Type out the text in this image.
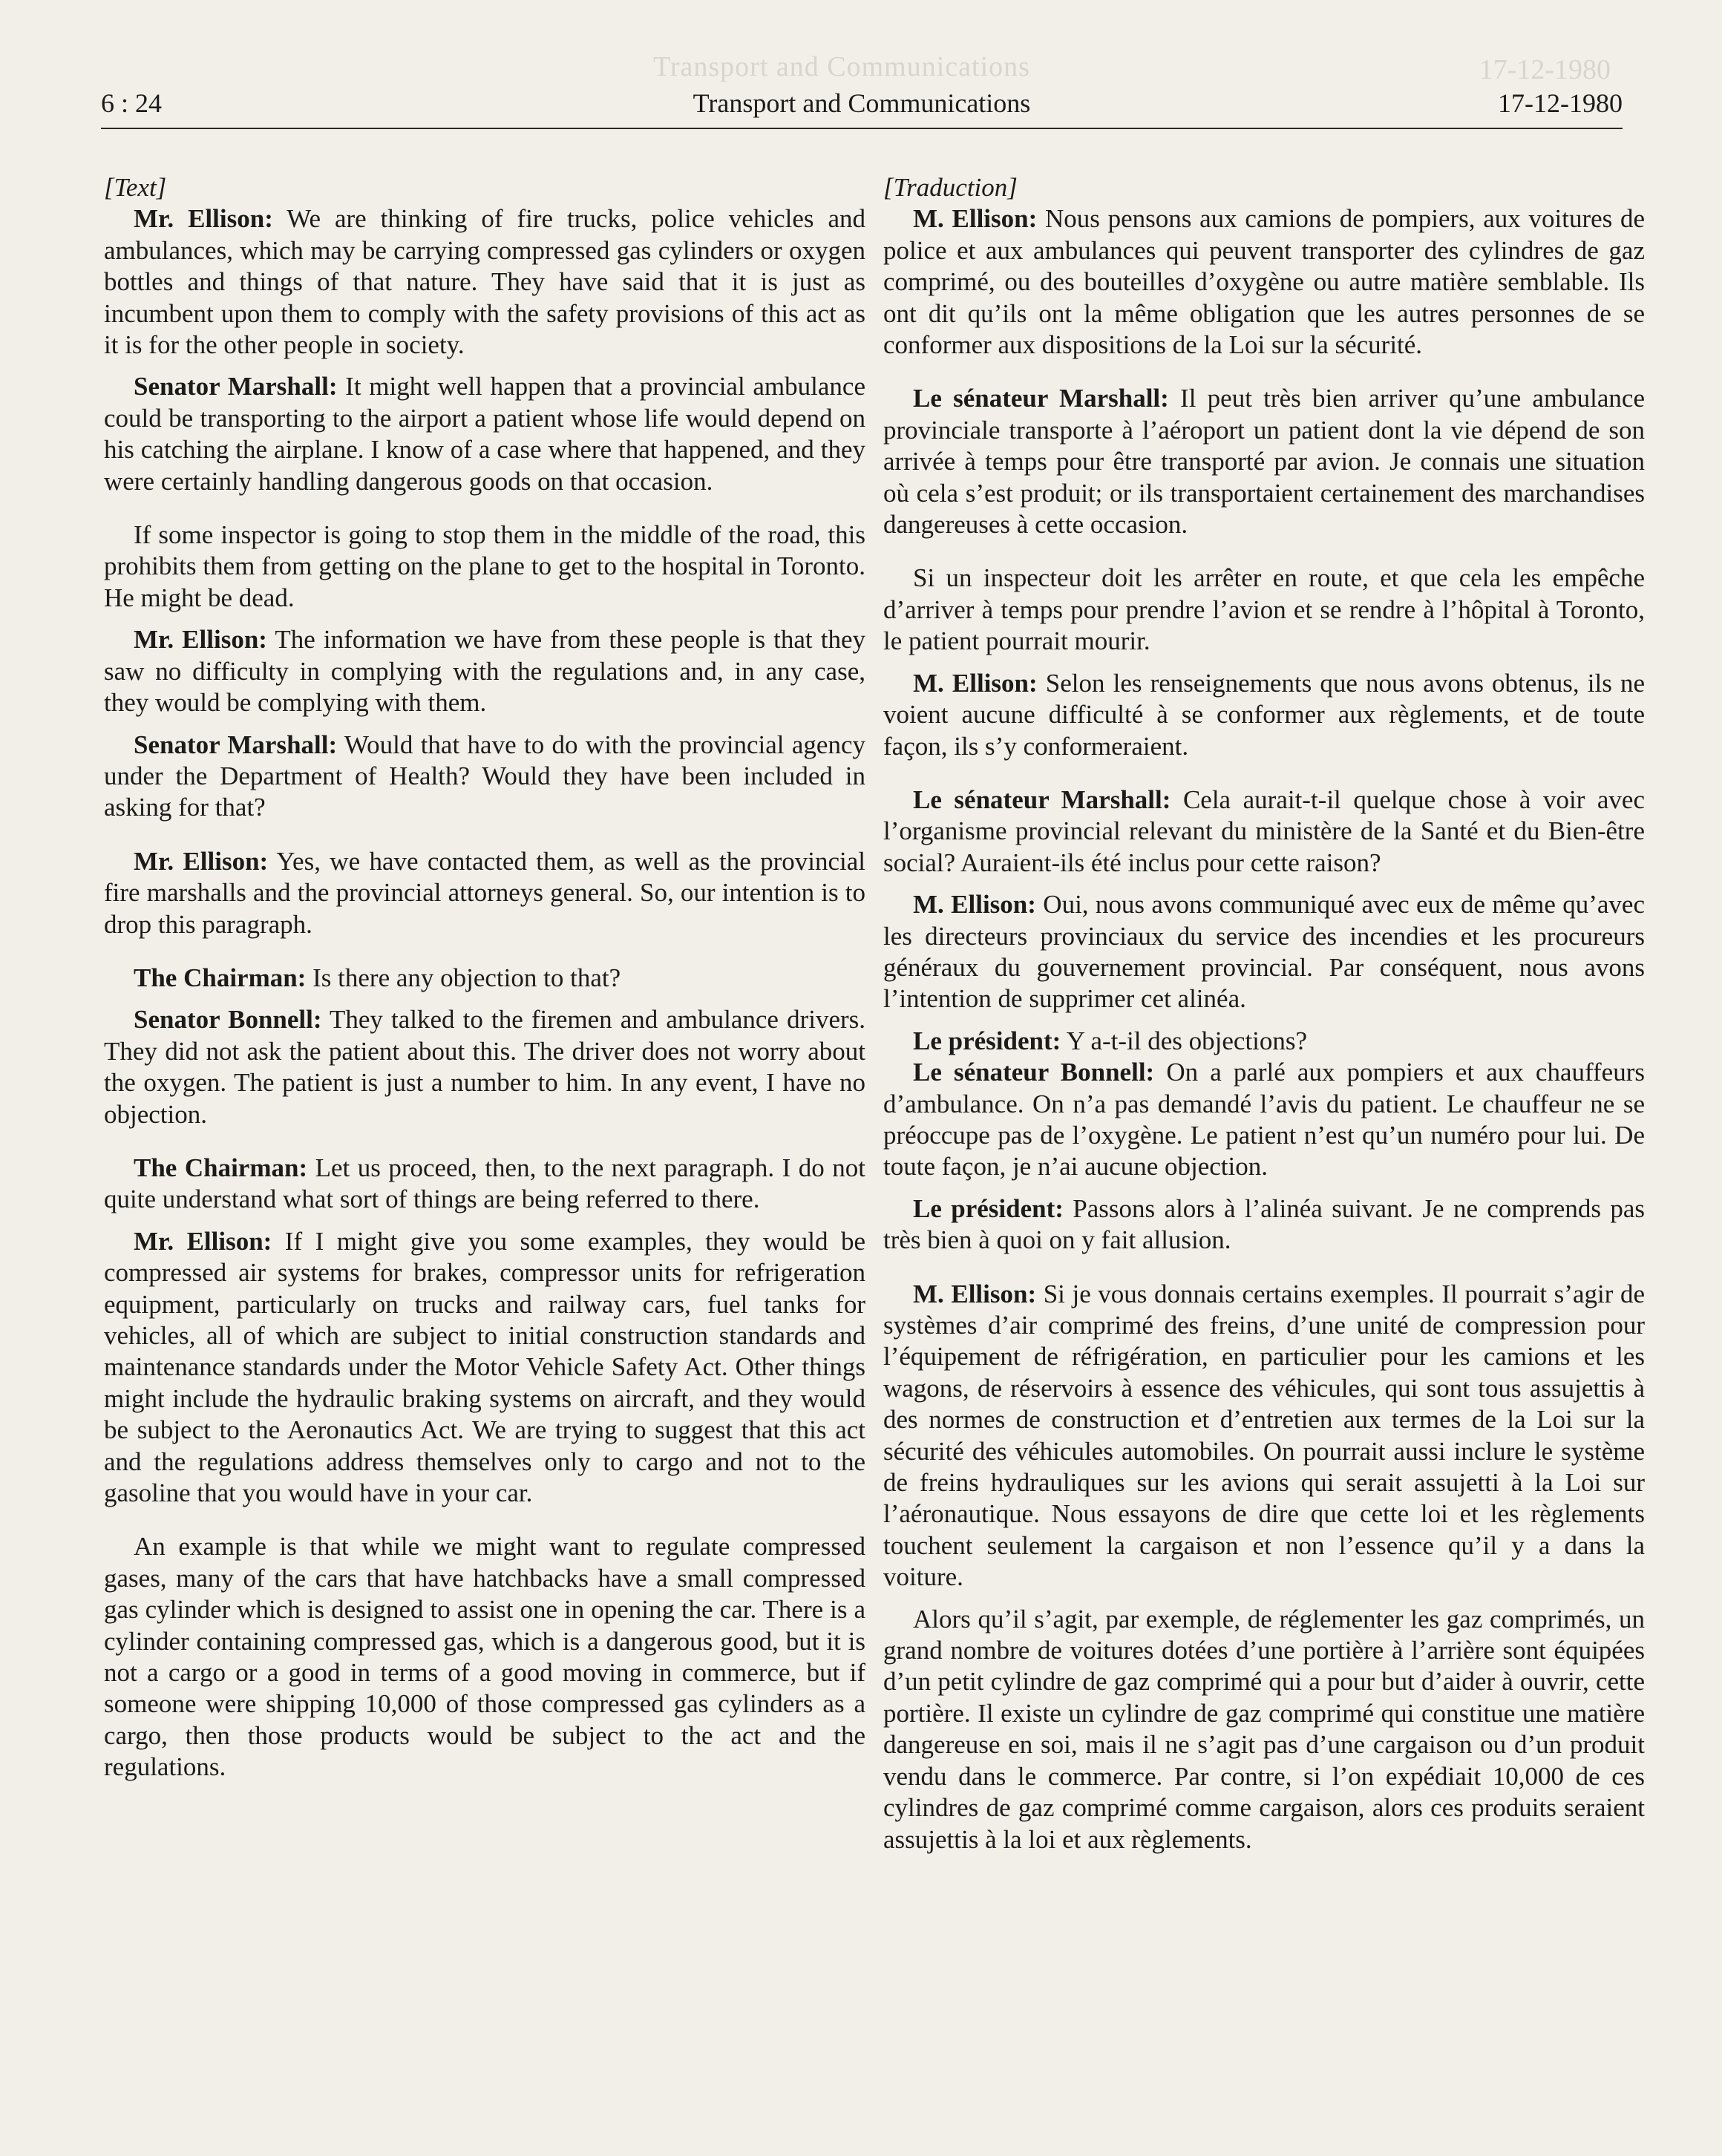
Transport and Communications	17-12-1980
6 : 24	Transport and Communications	17-12-1980

[Text]

Mr. Ellison: We are thinking of fire trucks, police vehicles and ambulances, which may be carrying compressed gas cylinders or oxygen bottles and things of that nature. They have said that it is just as incumbent upon them to comply with the safety provisions of this act as it is for the other people in society.

Senator Marshall: It might well happen that a provincial ambulance could be transporting to the airport a patient whose life would depend on his catching the airplane. I know of a case where that happened, and they were certainly handling dangerous goods on that occasion.

If some inspector is going to stop them in the middle of the road, this prohibits them from getting on the plane to get to the hospital in Toronto. He might be dead.

Mr. Ellison: The information we have from these people is that they saw no difficulty in complying with the regulations and, in any case, they would be complying with them.

Senator Marshall: Would that have to do with the provincial agency under the Department of Health? Would they have been included in asking for that?

Mr. Ellison: Yes, we have contacted them, as well as the provincial fire marshalls and the provincial attorneys general. So, our intention is to drop this paragraph.

The Chairman: Is there any objection to that?

Senator Bonnell: They talked to the firemen and ambulance drivers. They did not ask the patient about this. The driver does not worry about the oxygen. The patient is just a number to him. In any event, I have no objection.

The Chairman: Let us proceed, then, to the next paragraph. I do not quite understand what sort of things are being referred to there.

Mr. Ellison: If I might give you some examples, they would be compressed air systems for brakes, compressor units for refrigeration equipment, particularly on trucks and railway cars, fuel tanks for vehicles, all of which are subject to initial construction standards and maintenance standards under the Motor Vehicle Safety Act. Other things might include the hydraulic braking systems on aircraft, and they would be subject to the Aeronautics Act. We are trying to suggest that this act and the regulations address themselves only to cargo and not to the gasoline that you would have in your car.

An example is that while we might want to regulate compressed gases, many of the cars that have hatchbacks have a small compressed gas cylinder which is designed to assist one in opening the car. There is a cylinder containing compressed gas, which is a dangerous good, but it is not a cargo or a good in terms of a good moving in commerce, but if someone were shipping 10,000 of those compressed gas cylinders as a cargo, then those products would be subject to the act and the regulations.

[Traduction]

M. Ellison: Nous pensons aux camions de pompiers, aux voitures de police et aux ambulances qui peuvent transporter des cylindres de gaz comprimé, ou des bouteilles d’oxygène ou autre matière semblable. Ils ont dit qu’ils ont la même obligation que les autres personnes de se conformer aux dispositions de la Loi sur la sécurité.

Le sénateur Marshall: Il peut très bien arriver qu’une ambulance provinciale transporte à l’aéroport un patient dont la vie dépend de son arrivée à temps pour être transporté par avion. Je connais une situation où cela s’est produit; or ils transportaient certainement des marchandises dangereuses à cette occasion.

Si un inspecteur doit les arrêter en route, et que cela les empêche d’arriver à temps pour prendre l’avion et se rendre à l’hôpital à Toronto, le patient pourrait mourir.

M. Ellison: Selon les renseignements que nous avons obtenus, ils ne voient aucune difficulté à se conformer aux règlements, et de toute façon, ils s’y conformeraient.

Le sénateur Marshall: Cela aurait-t-il quelque chose à voir avec l’organisme provincial relevant du ministère de la Santé et du Bien-être social? Auraient-ils été inclus pour cette raison?

M. Ellison: Oui, nous avons communiqué avec eux de même qu’avec les directeurs provinciaux du service des incendies et les procureurs généraux du gouvernement provincial. Par conséquent, nous avons l’intention de supprimer cet alinéa.

Le président: Y a-t-il des objections?

Le sénateur Bonnell: On a parlé aux pompiers et aux chauffeurs d’ambulance. On n’a pas demandé l’avis du patient. Le chauffeur ne se préoccupe pas de l’oxygène. Le patient n’est qu’un numéro pour lui. De toute façon, je n’ai aucune objection.

Le président: Passons alors à l’alinéa suivant. Je ne comprends pas très bien à quoi on y fait allusion.

M. Ellison: Si je vous donnais certains exemples. Il pourrait s’agir de systèmes d’air comprimé des freins, d’une unité de compression pour l’équipement de réfrigération, en particulier pour les camions et les wagons, de réservoirs à essence des véhicules, qui sont tous assujettis à des normes de construction et d’entretien aux termes de la Loi sur la sécurité des véhicules automobiles. On pourrait aussi inclure le système de freins hydrauliques sur les avions qui serait assujetti à la Loi sur l’aéronautique. Nous essayons de dire que cette loi et les règlements touchent seulement la cargaison et non l’essence qu’il y a dans la voiture.

Alors qu’il s’agit, par exemple, de réglementer les gaz comprimés, un grand nombre de voitures dotées d’une portière à l’arrière sont équipées d’un petit cylindre de gaz comprimé qui a pour but d’aider à ouvrir, cette portière. Il existe un cylindre de gaz comprimé qui constitue une matière dangereuse en soi, mais il ne s’agit pas d’une cargaison ou d’un produit vendu dans le commerce. Par contre, si l’on expédiait 10,000 de ces cylindres de gaz comprimé comme cargaison, alors ces produits seraient assujettis à la loi et aux règlements.
